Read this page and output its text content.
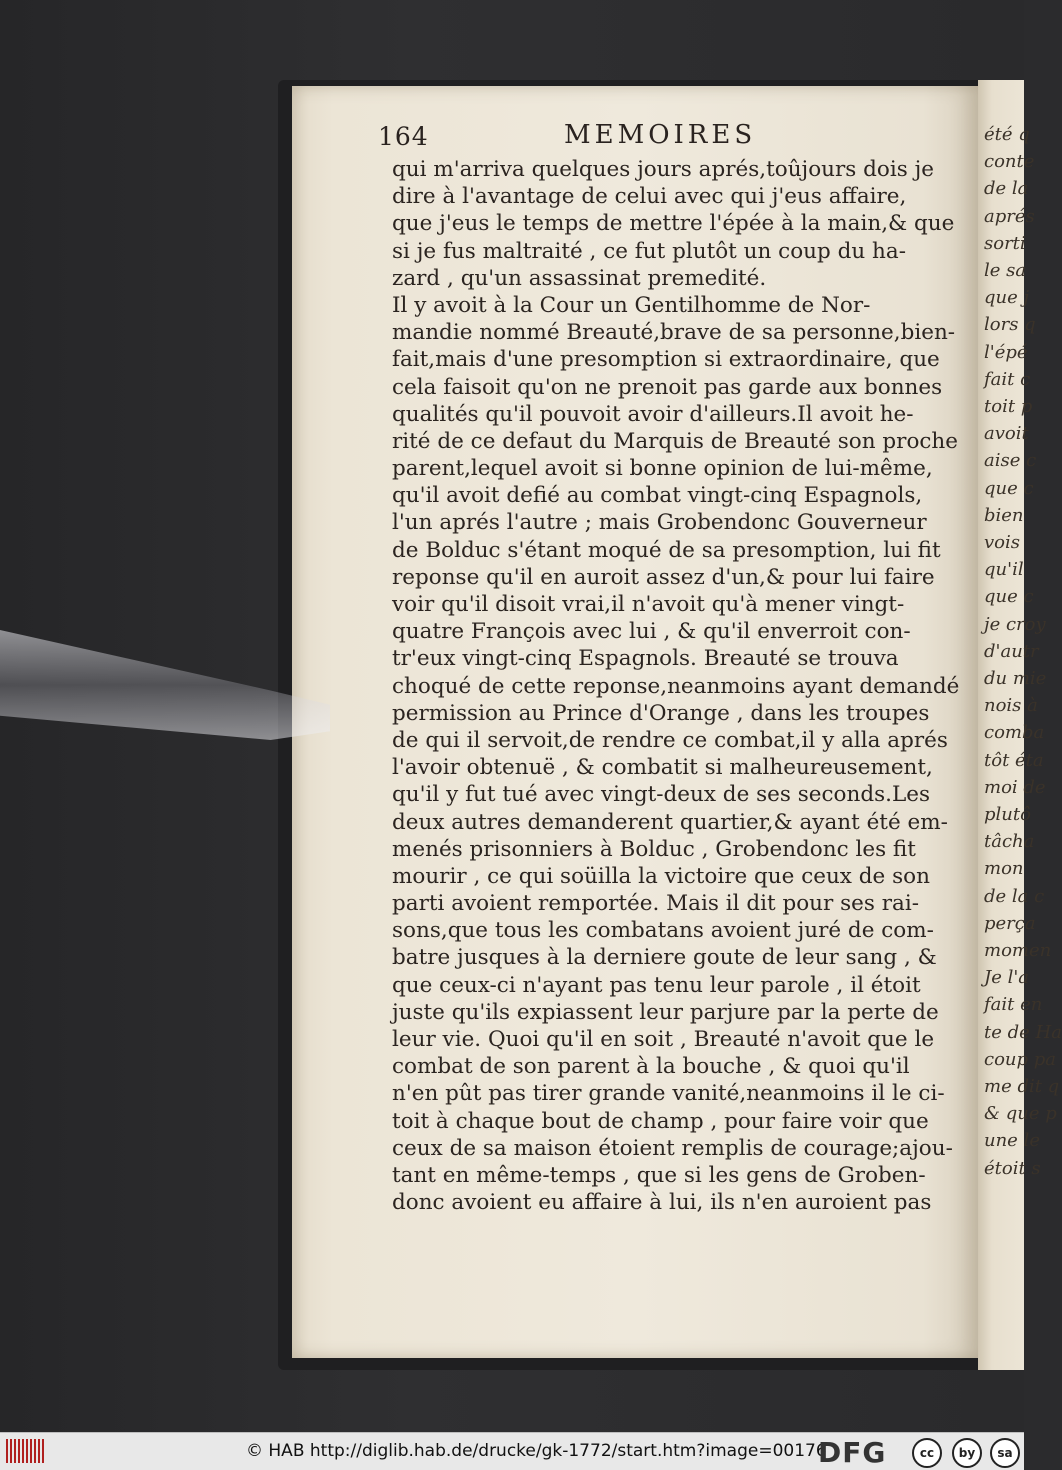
été q
conte
de la
aprés
sorti
le sa
que j
lors q
l'épé
fait c
toit p
avoit
aise c
que c
bien
vois
qu'il
que c
je croy
d'autr
du mie
nois à
comba
tôt éta
moi de
plutô
tâcha
mon
de la c
perça
momen
Je l'a
fait en
te de Ha
coup pa
me dit q
& que p
une le
étoit s
164	MEMOIRES
qui m'arriva quelques jours aprés,toûjours dois je
dire à l'avantage de celui avec qui j'eus affaire,
que j'eus le temps de mettre l'épée à la main,& que
si je fus maltraité , ce fut plutôt un coup du ha-
zard , qu'un assassinat premedité.
Il y avoit à la Cour un Gentilhomme de Nor-
mandie nommé Breauté,brave de sa personne,bien-
fait,mais d'une presomption si extraordinaire, que
cela faisoit qu'on ne prenoit pas garde aux bonnes
qualités qu'il pouvoit avoir d'ailleurs.Il avoit he-
rité de ce defaut du Marquis de Breauté son proche
parent,lequel avoit si bonne opinion de lui-même,
qu'il avoit defié au combat vingt-cinq Espagnols,
l'un aprés l'autre ; mais Grobendonc Gouverneur
de Bolduc s'étant moqué de sa presomption, lui fit
reponse qu'il en auroit assez d'un,& pour lui faire
voir qu'il disoit vrai,il n'avoit qu'à mener vingt-
quatre François avec lui , & qu'il enverroit con-
tr'eux vingt-cinq Espagnols. Breauté se trouva
choqué de cette reponse,neanmoins ayant demandé
permission au Prince d'Orange , dans les troupes
de qui il servoit,de rendre ce combat,il y alla aprés
l'avoir obtenuë , & combatit si malheureusement,
qu'il y fut tué avec vingt-deux de ses seconds.Les
deux autres demanderent quartier,& ayant été em-
menés prisonniers à Bolduc , Grobendonc les fit
mourir , ce qui soüilla la victoire que ceux de son
parti avoient remportée. Mais il dit pour ses rai-
sons,que tous les combatans avoient juré de com-
batre jusques à la derniere goute de leur sang , &
que ceux-ci n'ayant pas tenu leur parole , il étoit
juste qu'ils expiassent leur parjure par la perte de
leur vie. Quoi qu'il en soit , Breauté n'avoit que le
combat de son parent à la bouche , & quoi qu'il
n'en pût pas tirer grande vanité,neanmoins il le ci-
toit à chaque bout de champ , pour faire voir que
ceux de sa maison étoient remplis de courage;ajou-
tant en même-temps , que si les gens de Groben-
donc avoient eu affaire à lui, ils n'en auroient pas
© HAB http://diglib.hab.de/drucke/gk-1772/start.htm?image=00176
DFG	cc	by	sa
